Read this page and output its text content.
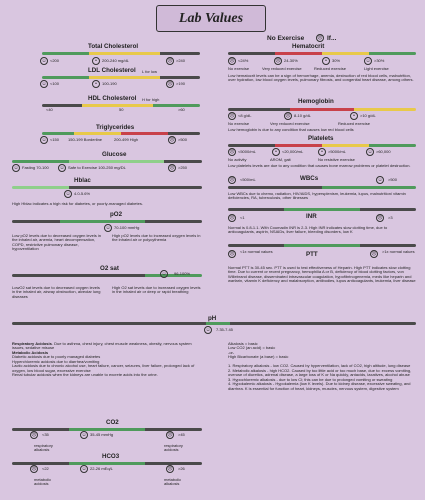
Lab Values
No Exercise	☹ If...
Total Cholesterol
☺ <200	•	200-240 mg/dL	☹ >240
LDL Cholesterol L for low
☺ <100	•	100-190	☹ >190
HDL Cholesterol H for high
<40	50	>60
Triglycerides
☺ <150 150-199 Borderline	200-499 High	☹ >500
Glucose
☺ Fasting 70-100 ☺ Safe to Exercise 100-250 mg/DL	☹ >250
Hblac
☺ 4.0-5.6%
High Hblac indicates a high risk for diabetes, or poorly-managed diabetes.
pO2
☺ 70-100 mmHg
Low pO2 levels due to decreased oxygen levels in the inhaled air, anemia, heart decompensation, COPD, restrictive pulmonary disease, hypoventilation
High pO2 levels due to increased oxygen levels in the inhaled air or polycythemia
O2 sat
☺	96-100%
LowO2 sat levels due to decreased oxygen levels in the inhaled air, airway obstruction, alveolar lung diseases
High O2 sat levels due to increased oxygen levels in the inhaled air or deep or rapid breathing
Hematocrit
☹ <24%	☹ 24-30%	•	30%	☺ >30%
No exercise	Very reduced exercise	Reduced exercise	Light exercise
Low hematocrit levels can be a sign of hemorrhage, anemia, destruction of red blood cells, malnutrition, over hydration, low blood oxygen levels, pulmonary fibrosis, and congenital heart disease, among others.
Hemoglobin
☹ <8 g/dL	☹ 8-10 g/dL	•	>10 g/dL
No exercise	Very reduced exercise	Reduced exercise
Low hemoglobin is due to any condition that causes low red blood cells
Platelets
☹ <5000/mL	•	<20,000/mL	•	>5000/mL	☺ >60,000
No activity	AROM, gait	No resistive exercise
Low platelets levels are due to any condition that causes bone marrow problems or platelet destruction.
☹	<500/mL	WBCs	☺	>500
Low WBCs due to chemo, radiation, HIV/AIDS, hypersplenism, leukemia, lupus, malnutrition/ vitamin deficiencies, RA, tuberculosis, other illnesses
☹	<1	INR	☹	>3
Normal is 0.8-1.1. With Coumadin INR is 2-3. High INR indicates slow clotting time, due to anticoagulants, aspirin, NSAIDs, liver failure, bleeding disorders, low K
☹	<1x normal values	PTT	☹	>1x normal values
Normal PTT is 30-45 sec. PTT is used to test effectiveness of Heparin. High PTT indicates slow clotting time. Due to current or recent pregnancy, hemophilia A or B, deficiency of blood clotting factors, von Willebrand disease, disseminated intravascular coagulation, hypofibrinogenemia, meds like heparin and warfarin, vitamin K deficiency and malabsorption, antibodies, lupus anticoagulants, leukemia, liver disease
pH
☺	7.35-7.45
Respiratory Acidosis. Due to asthma, chest injury, chest muscle weakness, obesity, nervous system issues, sedative misuse
Metabolic Acidosis
Diabetic acidosis due to poorly managed diabetes
Hyperchloremic acidosis due to diarrhea/vomiting
Lactic acidosis due to chronic alcohol use, heart failure, cancer, seizures, liver failure, prolonged lack of oxygen, low blood sugar, excessive exercise
Renal tubular acidosis when the kidneys are unable to excrete acids into the urine.
Alkalosis = basic
Low CO2 (an acid) = basic
-or-
High Bicarbonate (a base) = basic

1. Respiratory alkalosis - low CO2. Caused by hyperventilation, lack of CO2, high altitude, lung disease
2. Metabolic alkalosis - high HCO2. Caused by too little acid or too much base, due to: excess vomiting, overuse of diuretics, adrenal disease, a large loss of K or Na quickly, antacids, laxatives, alcohol abuse
3. Hypochloremic alkalosis - due to low Cl; this can be due to prolonged vomiting or sweating
4. Hypokalemic alkalosis - Hypokalemia (low K levels). Due to kidney disease, excessive sweating, and diarrhea. K is essential for function of heart, kidneys, muscles, nervous system, digestive system
CO2
☹	<35	☺ 35-45 mmHg	☹	>45
respiratory alkalosis
respiratory acidosis
HCO3
☹	<22	☺ 22-26 mEq/L	☹	>26
metabolic acidosis
metabolic alkalosis
